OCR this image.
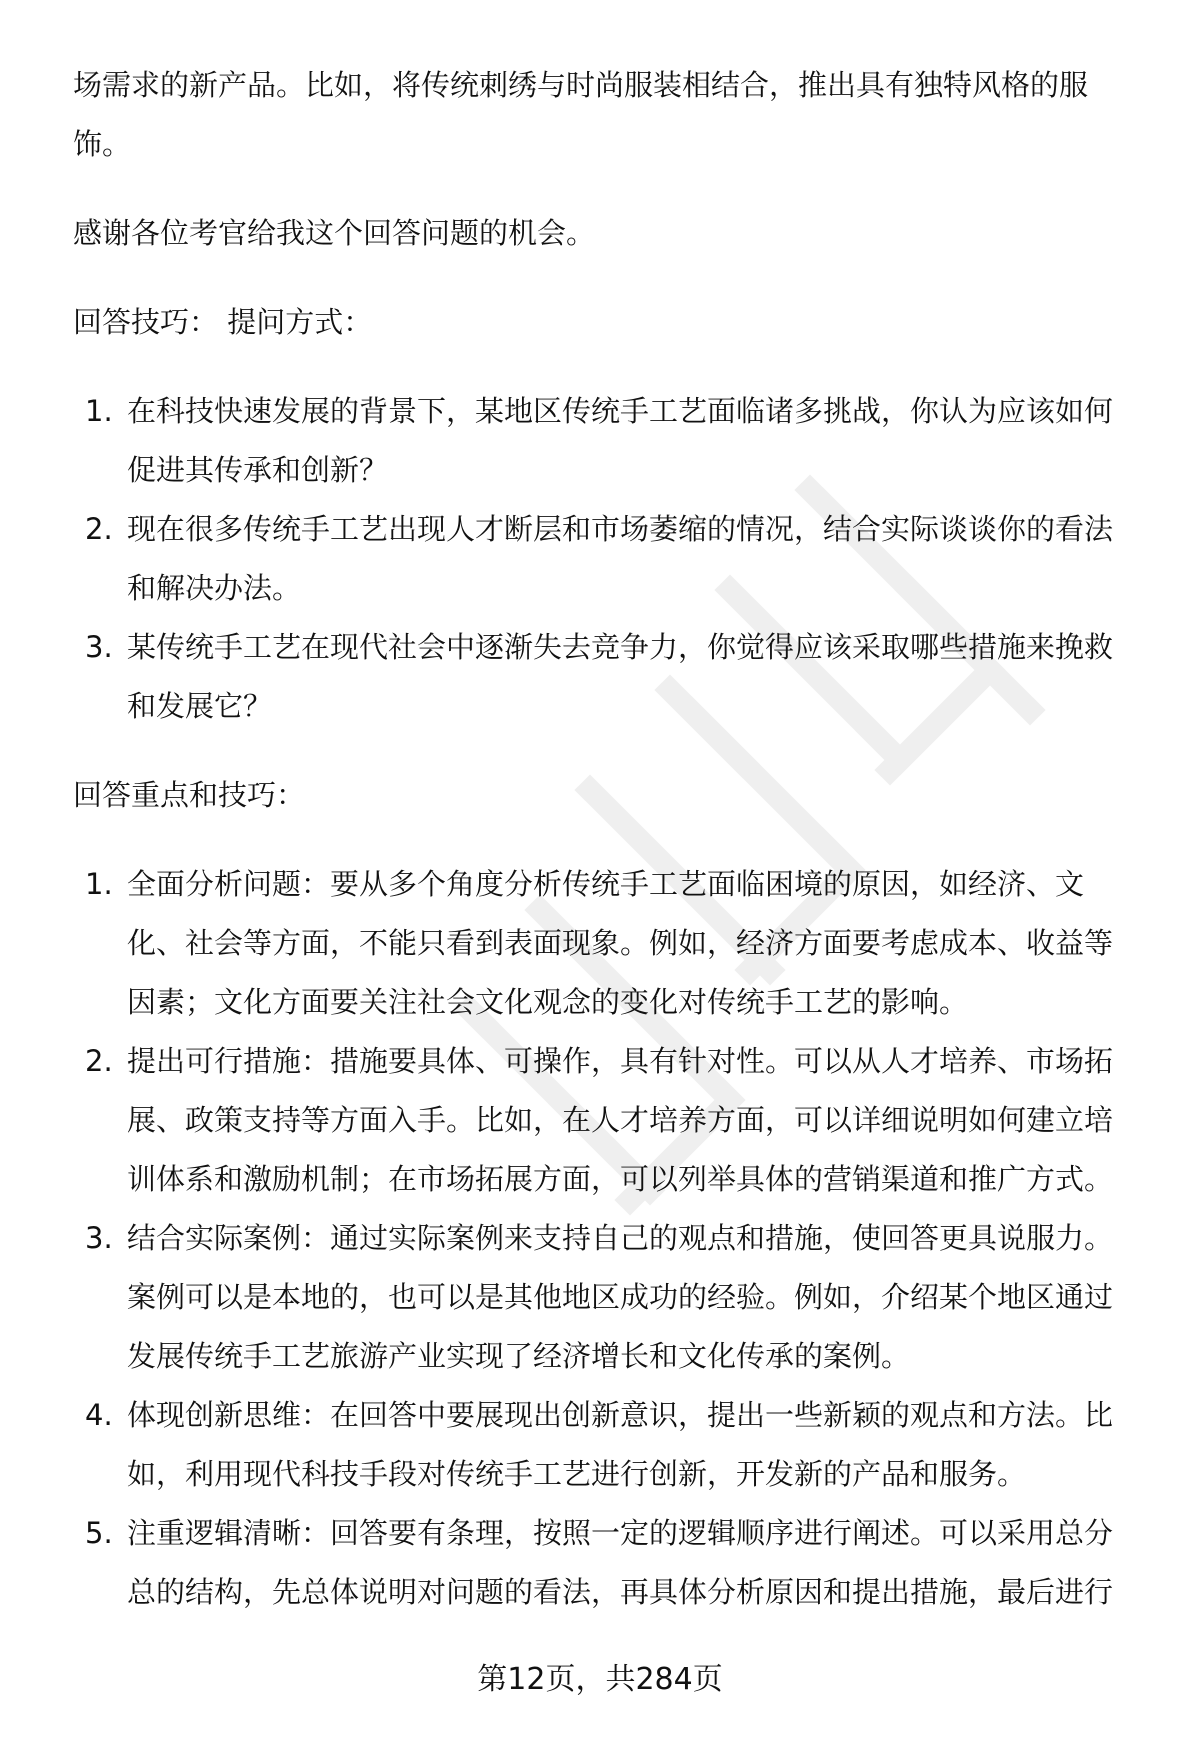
场需求的新产品。比如，将传统刺绣与时尚服装相结合，推出具有独特风格的服
饰。
感谢各位考官给我这个回答问题的机会。
回答技巧： 提问方式：
1. 在科技快速发展的背景下，某地区传统手工艺面临诸多挑战，你认为应该如何
促进其传承和创新？
2. 现在很多传统手工艺出现人才断层和市场萎缩的情况，结合实际谈谈你的看法
和解决办法。
3. 某传统手工艺在现代社会中逐渐失去竞争力，你觉得应该采取哪些措施来挽救
和发展它？
回答重点和技巧：
1. 全面分析问题：要从多个角度分析传统手工艺面临困境的原因，如经济、文
化、社会等方面，不能只看到表面现象。例如，经济方面要考虑成本、收益等
因素；文化方面要关注社会文化观念的变化对传统手工艺的影响。
2. 提出可行措施：措施要具体、可操作，具有针对性。可以从人才培养、市场拓
展、政策支持等方面入手。比如，在人才培养方面，可以详细说明如何建立培
训体系和激励机制；在市场拓展方面，可以列举具体的营销渠道和推广方式。
3. 结合实际案例：通过实际案例来支持自己的观点和措施，使回答更具说服力。
案例可以是本地的，也可以是其他地区成功的经验。例如，介绍某个地区通过
发展传统手工艺旅游产业实现了经济增长和文化传承的案例。
4. 体现创新思维：在回答中要展现出创新意识，提出一些新颖的观点和方法。比
如，利用现代科技手段对传统手工艺进行创新，开发新的产品和服务。
5. 注重逻辑清晰：回答要有条理，按照一定的逻辑顺序进行阐述。可以采用总分
总的结构，先总体说明对问题的看法，再具体分析原因和提出措施，最后进行
第12页，共284页
